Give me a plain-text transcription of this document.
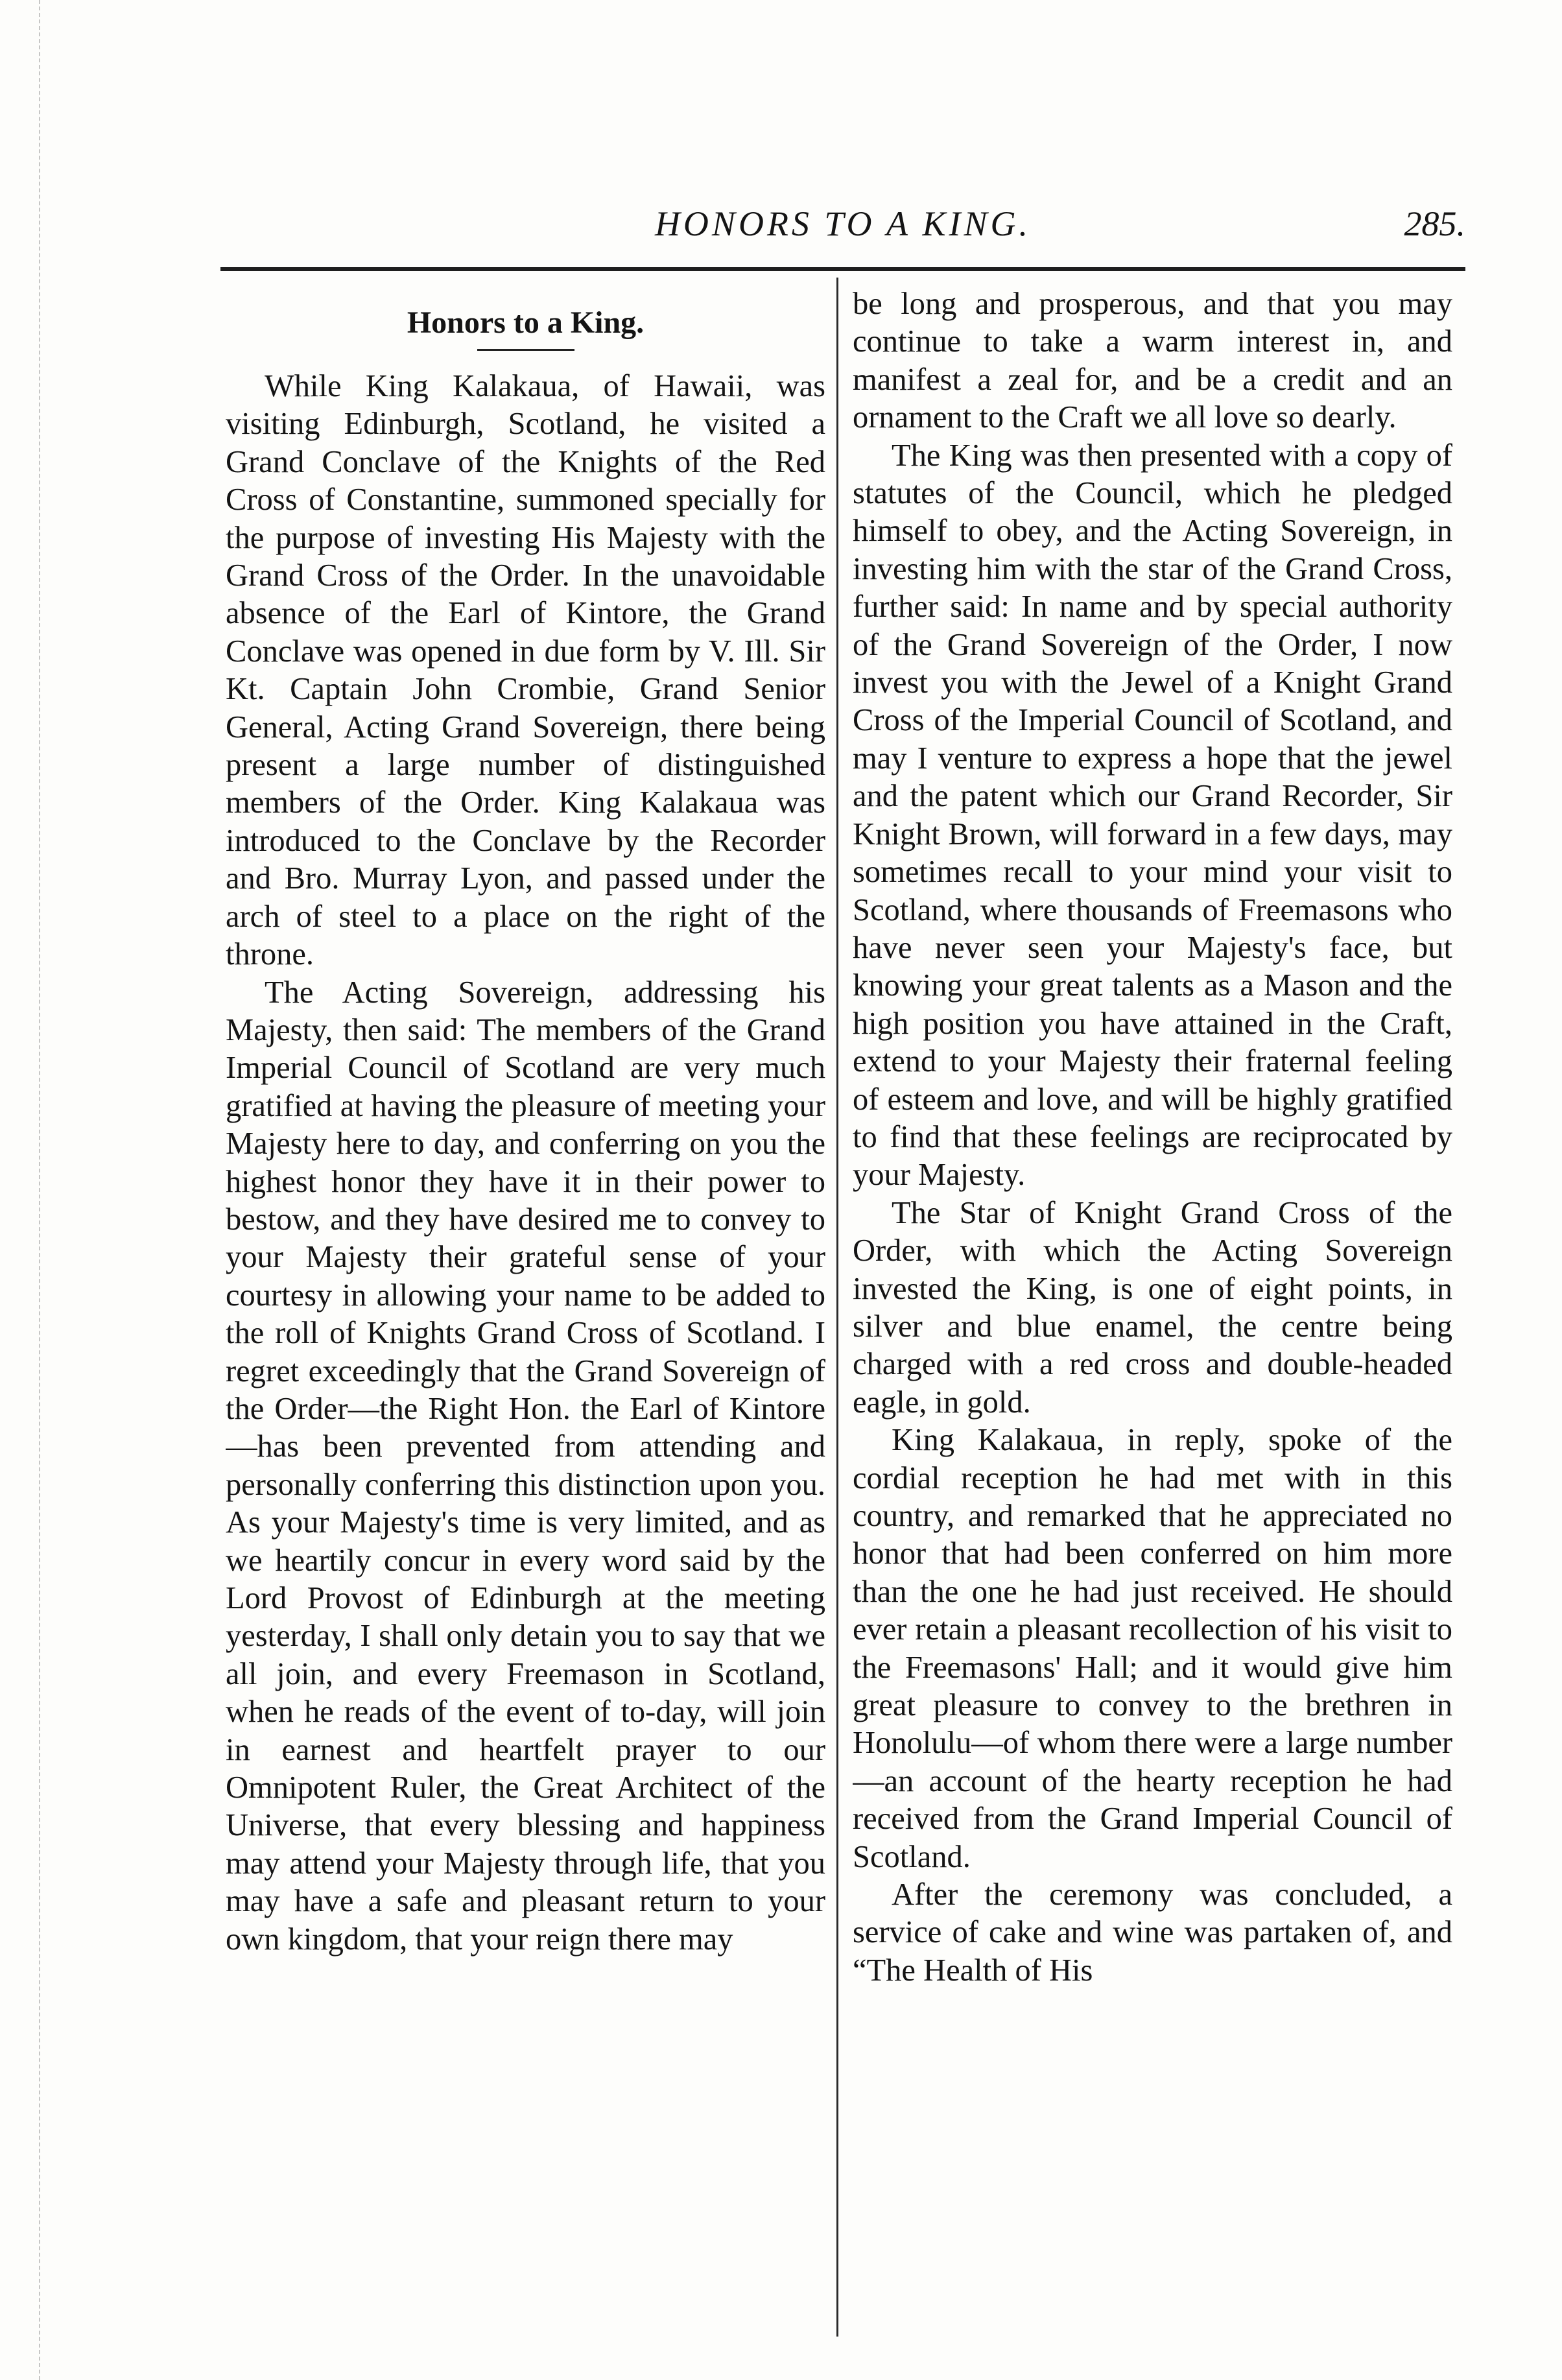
HONORS TO A KING.	285.
Honors to a King.

While King Kalakaua, of Hawaii, was visiting Edinburgh, Scotland, he visited a Grand Conclave of the Knights of the Red Cross of Constantine, summoned specially for the purpose of investing His Majesty with the Grand Cross of the Order. In the unavoidable absence of the Earl of Kintore, the Grand Conclave was opened in due form by V. Ill. Sir Kt. Captain John Crombie, Grand Senior General, Acting Grand Sovereign, there being present a large number of distinguished members of the Order. King Kalakaua was introduced to the Conclave by the Recorder and Bro. Murray Lyon, and passed under the arch of steel to a place on the right of the throne.

The Acting Sovereign, addressing his Majesty, then said: The members of the Grand Imperial Council of Scotland are very much gratified at having the pleasure of meeting your Majesty here to day, and conferring on you the highest honor they have it in their power to bestow, and they have desired me to convey to your Majesty their grateful sense of your courtesy in allowing your name to be added to the roll of Knights Grand Cross of Scotland. I regret exceedingly that the Grand Sovereign of the Order—the Right Hon. the Earl of Kintore—has been prevented from attending and personally conferring this distinction upon you. As your Majesty's time is very limited, and as we heartily concur in every word said by the Lord Provost of Edinburgh at the meeting yesterday, I shall only detain you to say that we all join, and every Freemason in Scotland, when he reads of the event of to-day, will join in earnest and heartfelt prayer to our Omnipotent Ruler, the Great Architect of the Universe, that every blessing and happiness may attend your Majesty through life, that you may have a safe and pleasant return to your own kingdom, that your reign there may

be long and prosperous, and that you may continue to take a warm interest in, and manifest a zeal for, and be a credit and an ornament to the Craft we all love so dearly.

The King was then presented with a copy of statutes of the Council, which he pledged himself to obey, and the Acting Sovereign, in investing him with the star of the Grand Cross, further said: In name and by special authority of the Grand Sovereign of the Order, I now invest you with the Jewel of a Knight Grand Cross of the Imperial Council of Scotland, and may I venture to express a hope that the jewel and the patent which our Grand Recorder, Sir Knight Brown, will forward in a few days, may sometimes recall to your mind your visit to Scotland, where thousands of Freemasons who have never seen your Majesty's face, but knowing your great talents as a Mason and the high position you have attained in the Craft, extend to your Majesty their fraternal feeling of esteem and love, and will be highly gratified to find that these feelings are reciprocated by your Majesty.

The Star of Knight Grand Cross of the Order, with which the Acting Sovereign invested the King, is one of eight points, in silver and blue enamel, the centre being charged with a red cross and double-headed eagle, in gold.

King Kalakaua, in reply, spoke of the cordial reception he had met with in this country, and remarked that he appreciated no honor that had been conferred on him more than the one he had just received. He should ever retain a pleasant recollection of his visit to the Freemasons' Hall; and it would give him great pleasure to convey to the brethren in Honolulu—of whom there were a large number—an account of the hearty reception he had received from the Grand Imperial Council of Scotland.

After the ceremony was concluded, a service of cake and wine was partaken of, and “The Health of His
